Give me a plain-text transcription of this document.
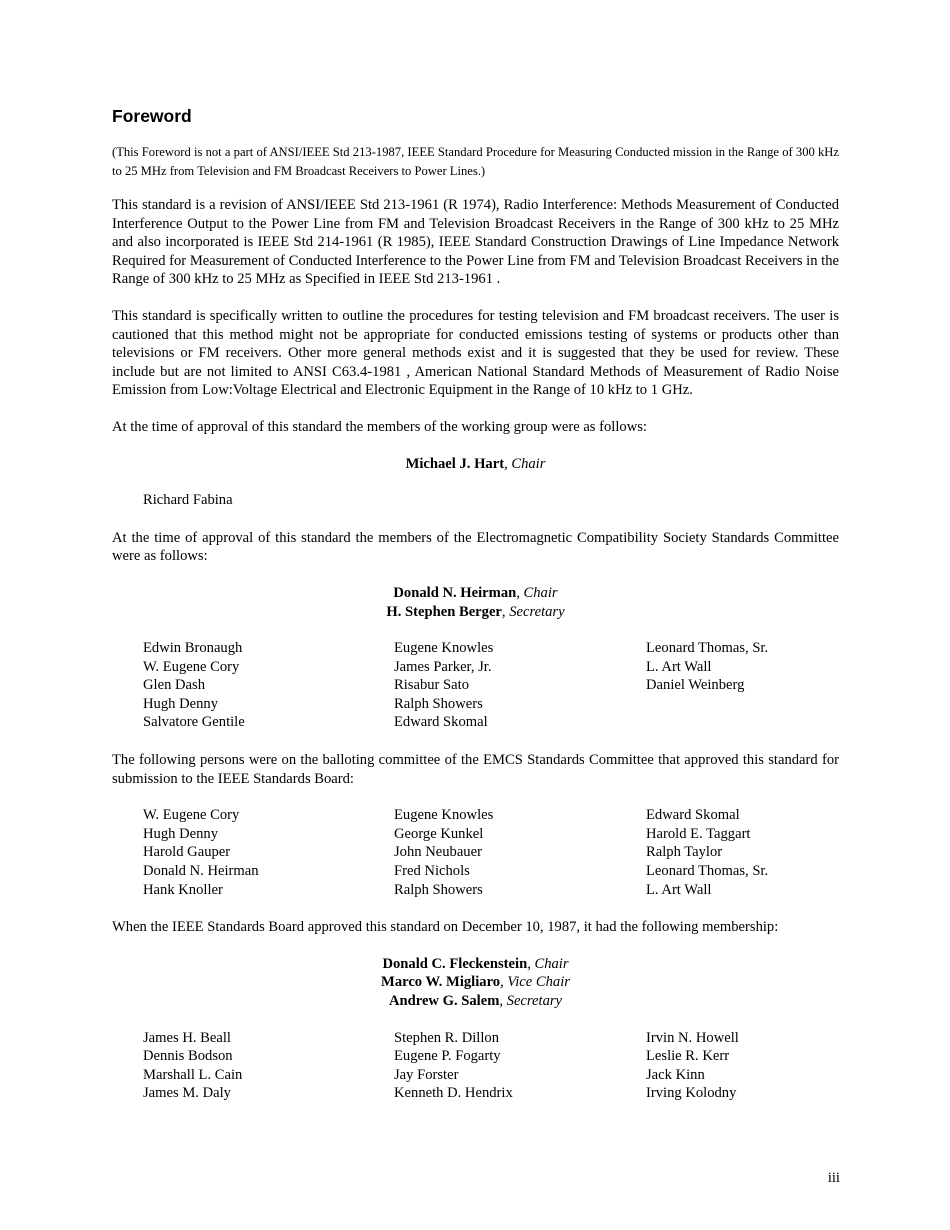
Foreword
(This Foreword is not a part of ANSI/IEEE Std 213-1987, IEEE Standard Procedure for Measuring Conducted mission in the Range of 300 kHz to 25 MHz from Television and FM Broadcast Receivers to Power Lines.)

This standard is a revision of ANSI/IEEE Std 213-1961 (R 1974), Radio Interference: Methods Measurement of Conducted Interference Output to the Power Line from FM and Television Broadcast Receivers in the Range of 300 kHz to 25 MHz and also incorporated is IEEE Std 214-1961 (R 1985), IEEE Standard Construction Drawings of Line Impedance Network Required for Measurement of Conducted Interference to the Power Line from FM and Television Broadcast Receivers in the Range of 300 kHz to 25 MHz as Specified in IEEE Std 213-1961 .

This standard is specifically written to outline the procedures for testing television and FM broadcast receivers. The user is cautioned that this method might not be appropriate for conducted emissions testing of systems or products other than televisions or FM receivers. Other more general methods exist and it is suggested that they be used for review. These include but are not limited to ANSI C63.4-1981 , American National Standard Methods of Measurement of Radio Noise Emission from Low:Voltage Electrical and Electronic Equipment in the Range of 10 kHz to 1 GHz.

At the time of approval of this standard the members of the working group were as follows:

Michael J. Hart, Chair
Richard Fabina

At the time of approval of this standard the members of the Electromagnetic Compatibility Society Standards Committee were as follows:

Donald N. Heirman, Chair
H. Stephen Berger, Secretary
Edwin Bronaugh
W. Eugene Cory
Glen Dash
Hugh Denny
Salvatore Gentile
Eugene Knowles
James Parker, Jr.
Risabur Sato
Ralph Showers
Edward Skomal
Leonard Thomas, Sr.
L. Art Wall
Daniel Weinberg

The following persons were on the balloting committee of the EMCS Standards Committee that approved this standard for submission to the IEEE Standards Board:

W. Eugene Cory
Hugh Denny
Harold Gauper
Donald N. Heirman
Hank Knoller
Eugene Knowles
George Kunkel
John Neubauer
Fred Nichols
Ralph Showers
Edward Skomal
Harold E. Taggart
Ralph Taylor
Leonard Thomas, Sr.
L. Art Wall

When the IEEE Standards Board approved this standard on December 10, 1987, it had the following membership:

Donald C. Fleckenstein, Chair
Marco W. Migliaro, Vice Chair
Andrew G. Salem, Secretary
James H. Beall
Dennis Bodson
Marshall L. Cain
James M. Daly
Stephen R. Dillon
Eugene P. Fogarty
Jay Forster
Kenneth D. Hendrix
Irvin N. Howell
Leslie R. Kerr
Jack Kinn
Irving Kolodny
iii
